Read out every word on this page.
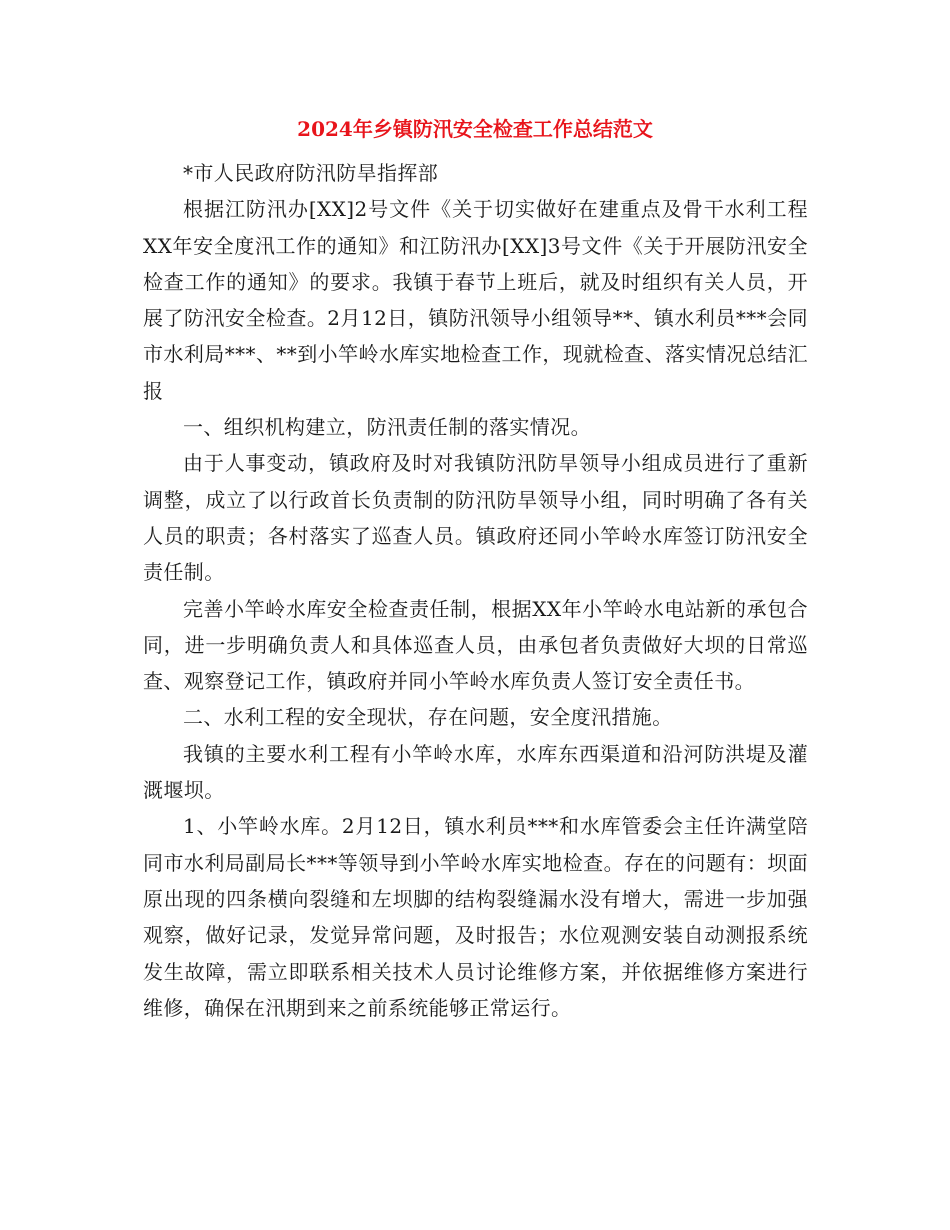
2024年乡镇防汛安全检查工作总结范文

*市人民政府防汛防旱指挥部

根据江防汛办[XX]2号文件《关于切实做好在建重点及骨干水利工程XX年安全度汛工作的通知》和江防汛办[XX]3号文件《关于开展防汛安全检查工作的通知》的要求。我镇于春节上班后，就及时组织有关人员，开展了防汛安全检查。2月12日，镇防汛领导小组领导**、镇水利员***会同市水利局***、**到小竿岭水库实地检查工作，现就检查、落实情况总结汇报

一、组织机构建立，防汛责任制的落实情况。

由于人事变动，镇政府及时对我镇防汛防旱领导小组成员进行了重新调整，成立了以行政首长负责制的防汛防旱领导小组，同时明确了各有关人员的职责；各村落实了巡查人员。镇政府还同小竿岭水库签订防汛安全责任制。

完善小竿岭水库安全检查责任制，根据XX年小竿岭水电站新的承包合同，进一步明确负责人和具体巡查人员，由承包者负责做好大坝的日常巡查、观察登记工作，镇政府并同小竿岭水库负责人签订安全责任书。

二、水利工程的安全现状，存在问题，安全度汛措施。

我镇的主要水利工程有小竿岭水库，水库东西渠道和沿河防洪堤及灌溉堰坝。

1、小竿岭水库。2月12日，镇水利员***和水库管委会主任许满堂陪同市水利局副局长***等领导到小竿岭水库实地检查。存在的问题有：坝面原出现的四条横向裂缝和左坝脚的结构裂缝漏水没有增大，需进一步加强观察，做好记录，发觉异常问题，及时报告；水位观测安装自动测报系统发生故障，需立即联系相关技术人员讨论维修方案，并依据维修方案进行维修，确保在汛期到来之前系统能够正常运行。
